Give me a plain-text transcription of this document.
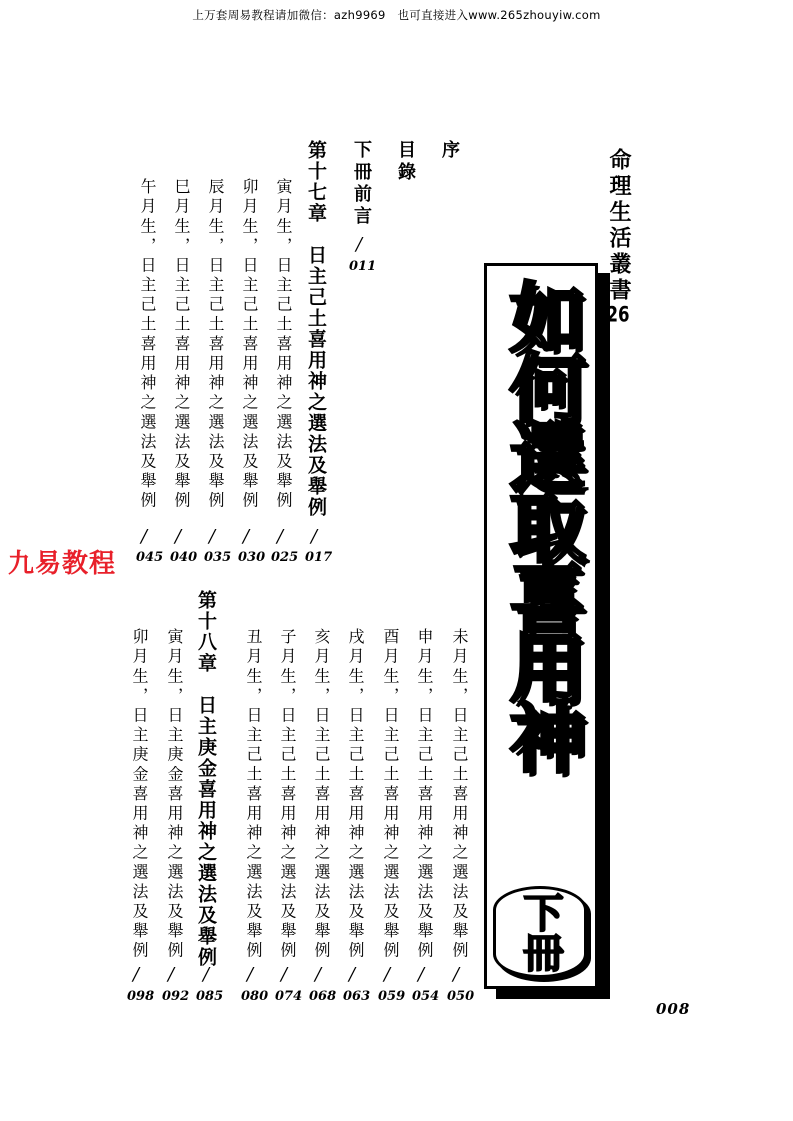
上万套周易教程请加微信：azh9969　也可直接进入www.265zhouyiw.com
命理生活叢書26
如何選取喜用神
下冊
序
目錄
下冊前言
/
011
第十七章　日主己土喜用神之選法及舉例
/
017
寅月生，日主己土喜用神之選法及舉例
/
025
卯月生，日主己土喜用神之選法及舉例
/
030
辰月生，日主己土喜用神之選法及舉例
/
035
巳月生，日主己土喜用神之選法及舉例
/
040
午月生，日主己土喜用神之選法及舉例
/
045
未月生，日主己土喜用神之選法及舉例
/
050
申月生，日主己土喜用神之選法及舉例
/
054
酉月生，日主己土喜用神之選法及舉例
/
059
戌月生，日主己土喜用神之選法及舉例
/
063
亥月生，日主己土喜用神之選法及舉例
/
068
子月生，日主己土喜用神之選法及舉例
/
074
丑月生，日主己土喜用神之選法及舉例
/
080
第十八章　日主庚金喜用神之選法及舉例
/
085
寅月生，日主庚金喜用神之選法及舉例
/
092
卯月生，日主庚金喜用神之選法及舉例
/
098
008
九易教程
